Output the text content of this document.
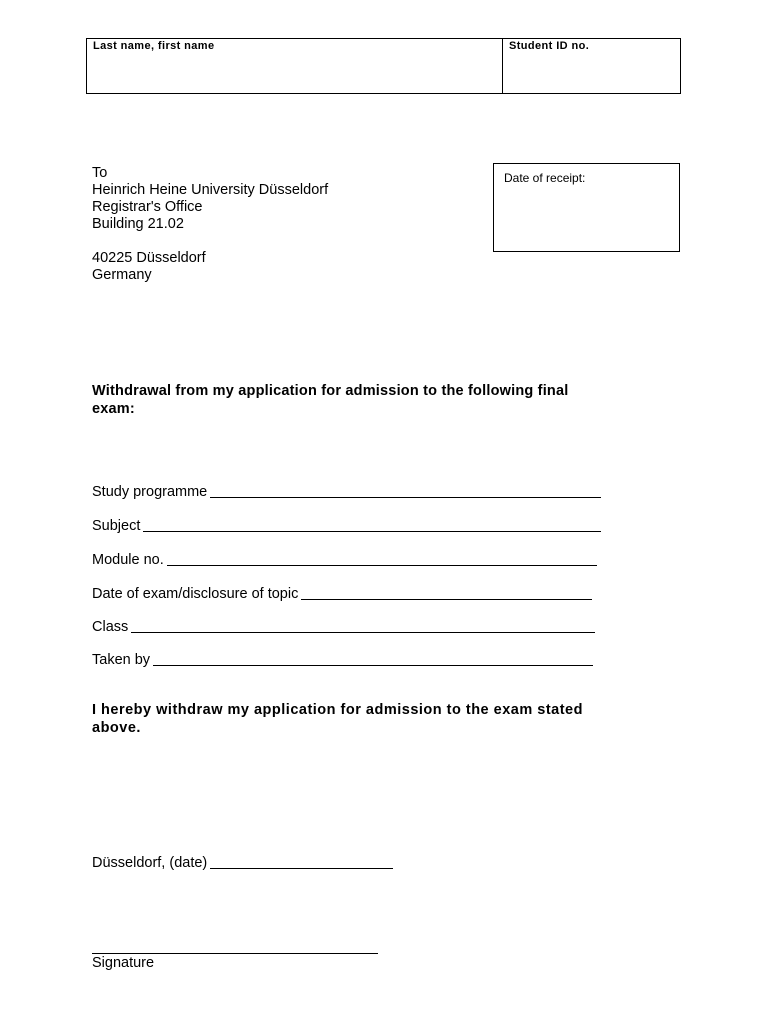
Last name, first name	Student ID no.
To
Heinrich Heine University Düsseldorf
Registrar's Office
Building 21.02
40225 Düsseldorf
Germany
Date of receipt:
Withdrawal from my application for admission to the following final exam:
Study programme
Subject
Module no.
Date of exam/disclosure of topic
Class
Taken by
I hereby withdraw my application for admission to the exam stated above.
Düsseldorf, (date)
Signature
